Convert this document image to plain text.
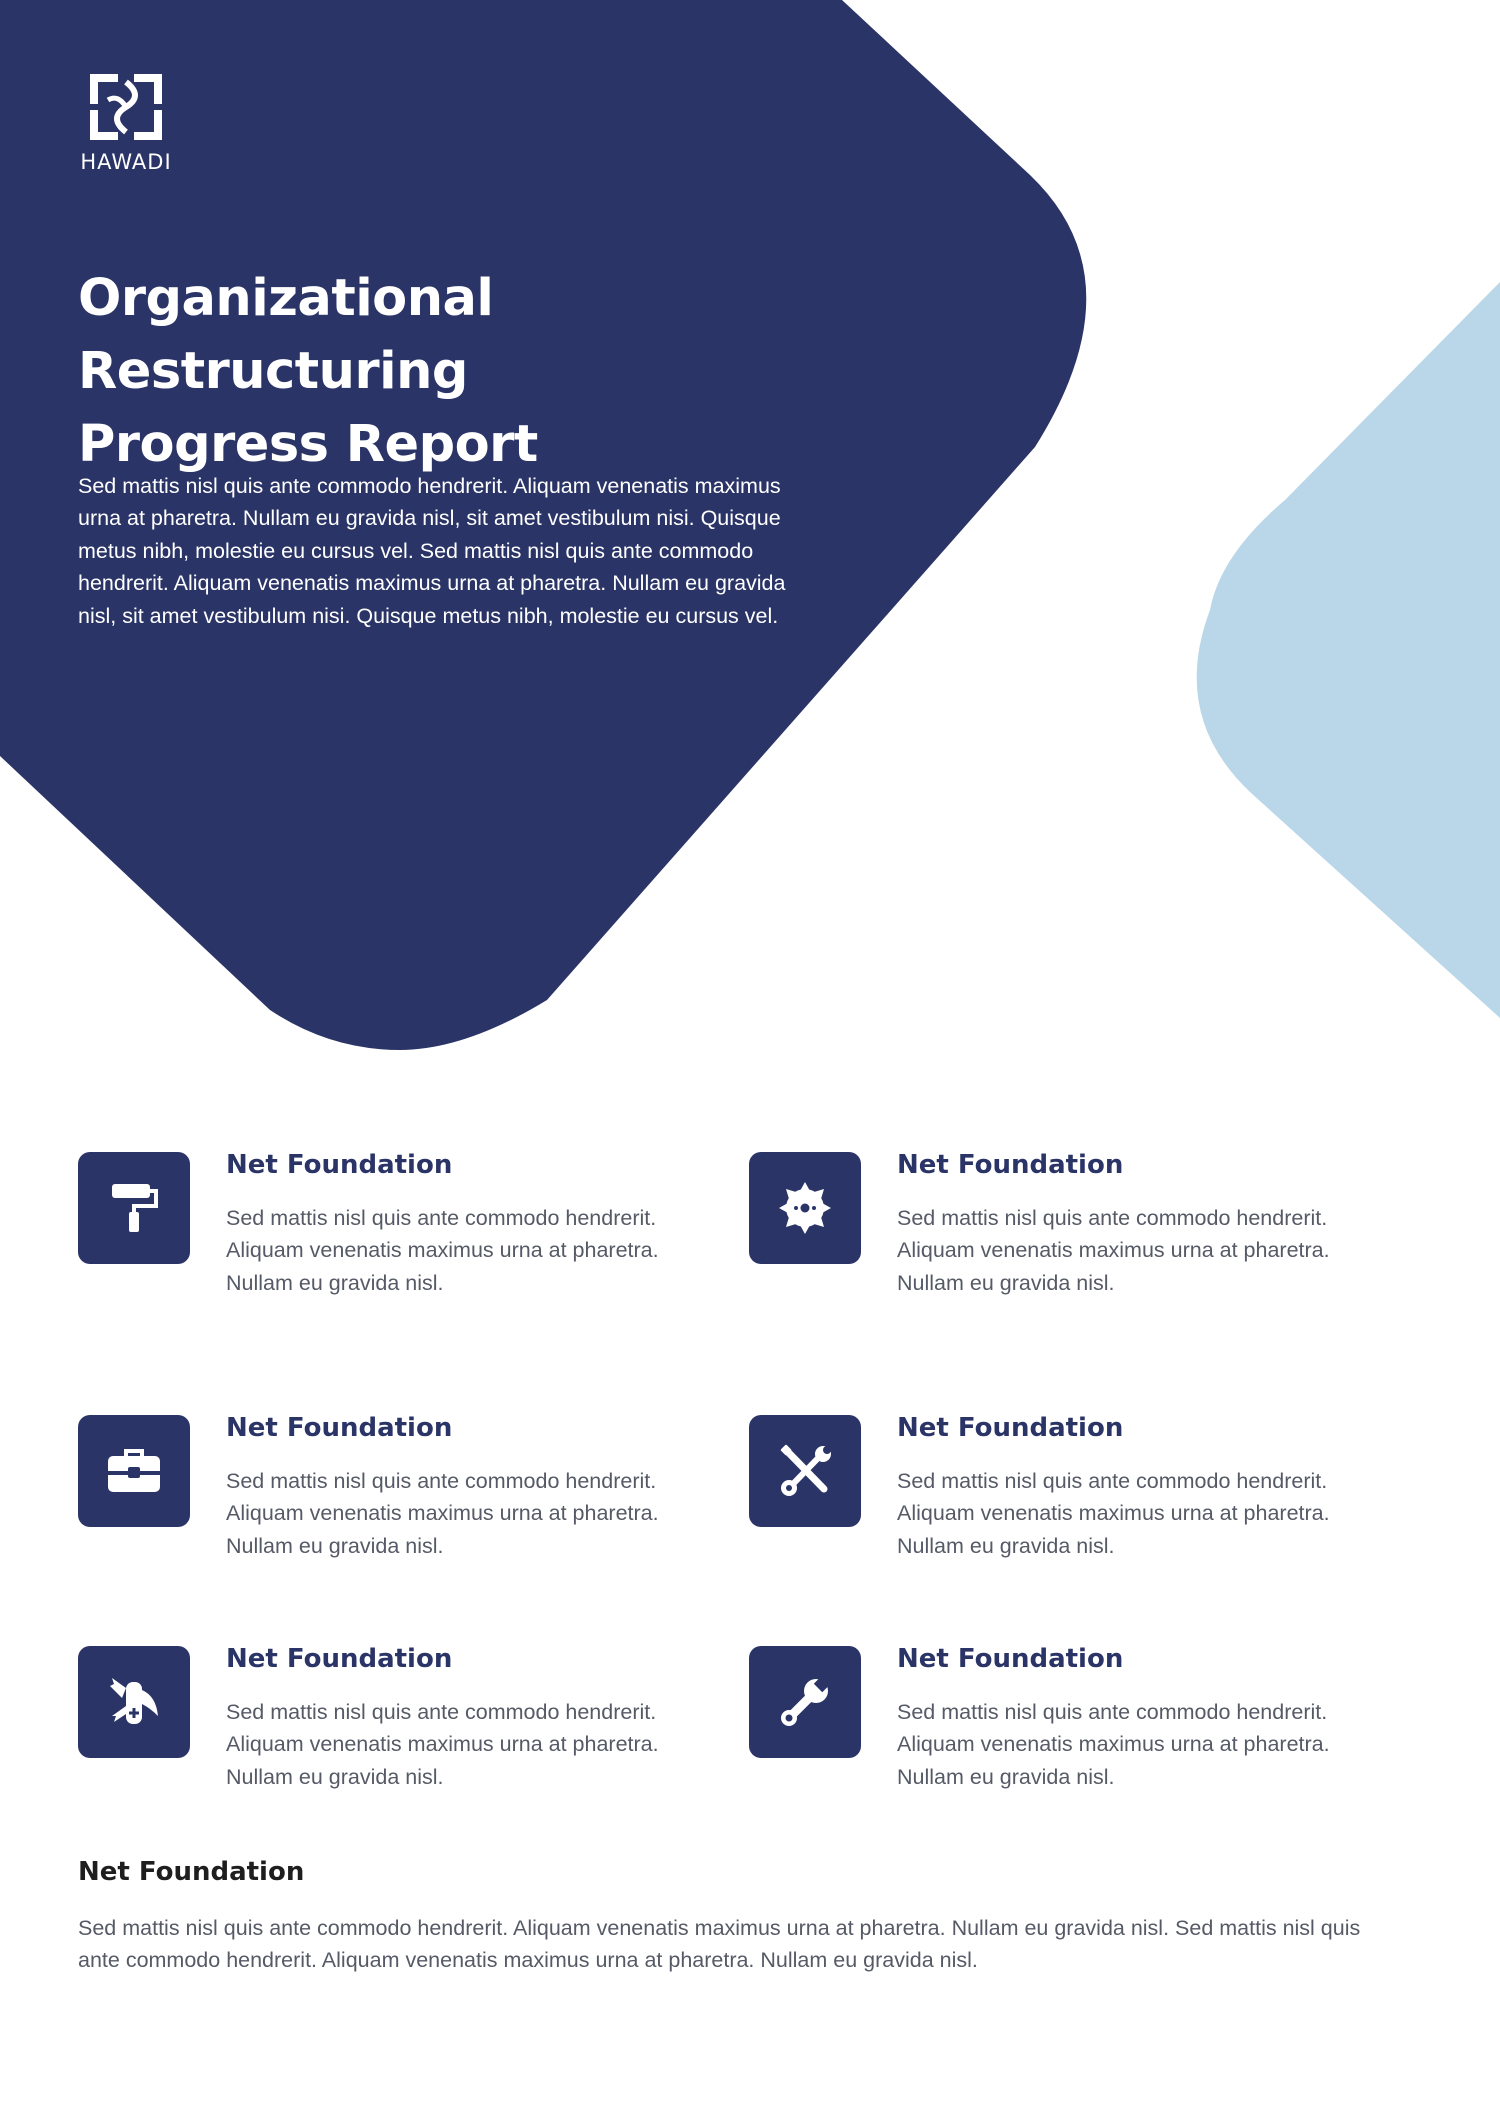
HAWADI
Organizational Restructuring
Progress Report

Sed mattis nisl quis ante commodo hendrerit. Aliquam venenatis maximus urna at pharetra. Nullam eu gravida nisl, sit amet vestibulum nisi. Quisque metus nibh, molestie eu cursus vel. Sed mattis nisl quis ante commodo hendrerit. Aliquam venenatis maximus urna at pharetra. Nullam eu gravida nisl, sit amet vestibulum nisi. Quisque metus nibh, molestie eu cursus vel.

Net Foundation

Sed mattis nisl quis ante commodo hendrerit. Aliquam venenatis maximus urna at pharetra. Nullam eu gravida nisl.

Net Foundation

Sed mattis nisl quis ante commodo hendrerit. Aliquam venenatis maximus urna at pharetra. Nullam eu gravida nisl.

Net Foundation

Sed mattis nisl quis ante commodo hendrerit. Aliquam venenatis maximus urna at pharetra. Nullam eu gravida nisl.

Net Foundation

Sed mattis nisl quis ante commodo hendrerit. Aliquam venenatis maximus urna at pharetra. Nullam eu gravida nisl.

Net Foundation

Sed mattis nisl quis ante commodo hendrerit. Aliquam venenatis maximus urna at pharetra. Nullam eu gravida nisl.

Net Foundation

Sed mattis nisl quis ante commodo hendrerit. Aliquam venenatis maximus urna at pharetra. Nullam eu gravida nisl.

Net Foundation

Sed mattis nisl quis ante commodo hendrerit. Aliquam venenatis maximus urna at pharetra. Nullam eu gravida nisl. Sed mattis nisl quis ante commodo hendrerit. Aliquam venenatis maximus urna at pharetra. Nullam eu gravida nisl.
